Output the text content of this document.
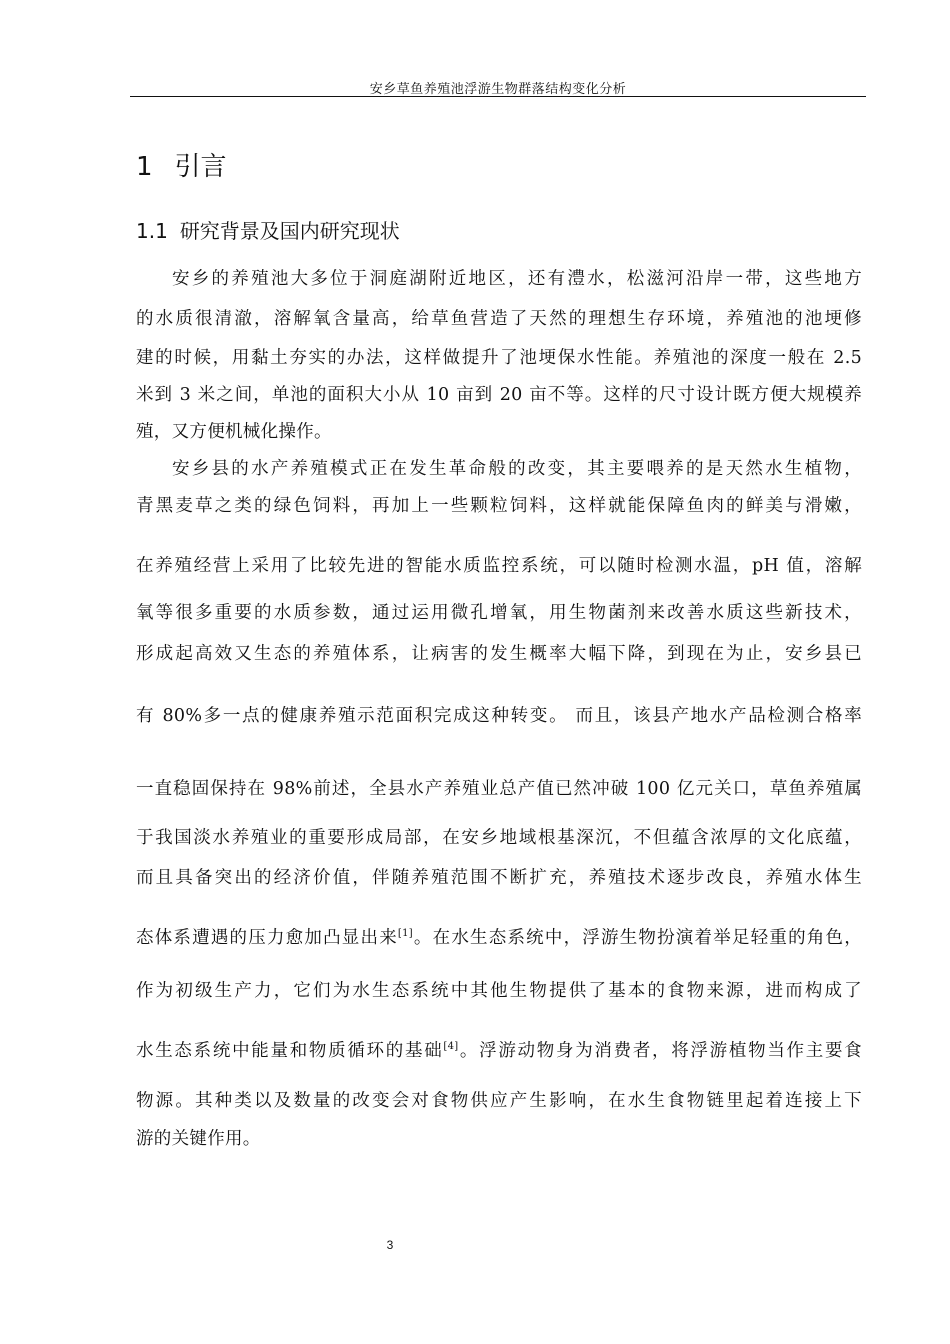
安乡草鱼养殖池浮游生物群落结构变化分析
1 引言
1.1 研究背景及国内研究现状
安乡的养殖池大多位于洞庭湖附近地区，还有澧水，松滋河沿岸一带，这些地方
的水质很清澈，溶解氧含量高，给草鱼营造了天然的理想生存环境，养殖池的池埂修
建的时候，用黏土夯实的办法，这样做提升了池埂保水性能。养殖池的深度一般在 2.5
米到 3 米之间，单池的面积大小从 10 亩到 20 亩不等。这样的尺寸设计既方便大规模养
殖，又方便机械化操作。
安乡县的水产养殖模式正在发生革命般的改变，其主要喂养的是天然水生植物，
青黑麦草之类的绿色饲料，再加上一些颗粒饲料，这样就能保障鱼肉的鲜美与滑嫩，
在养殖经营上采用了比较先进的智能水质监控系统，可以随时检测水温，pH 值，溶解
氧等很多重要的水质参数，通过运用微孔增氧，用生物菌剂来改善水质这些新技术，
形成起高效又生态的养殖体系，让病害的发生概率大幅下降，到现在为止，安乡县已
有 80%多一点的健康养殖示范面积完成这种转变。 而且，该县产地水产品检测合格率
一直稳固保持在 98%前述，全县水产养殖业总产值已然冲破 100 亿元关口，草鱼养殖属
于我国淡水养殖业的重要形成局部，在安乡地域根基深沉，不但蕴含浓厚的文化底蕴，
而且具备突出的经济价值，伴随养殖范围不断扩充，养殖技术逐步改良，养殖水体生
态体系遭遇的压力愈加凸显出来[1]。在水生态系统中，浮游生物扮演着举足轻重的角色，
作为初级生产力，它们为水生态系统中其他生物提供了基本的食物来源，进而构成了
水生态系统中能量和物质循环的基础[4]。浮游动物身为消费者，将浮游植物当作主要食
物源。其种类以及数量的改变会对食物供应产生影响，在水生食物链里起着连接上下
游的关键作用。
3
